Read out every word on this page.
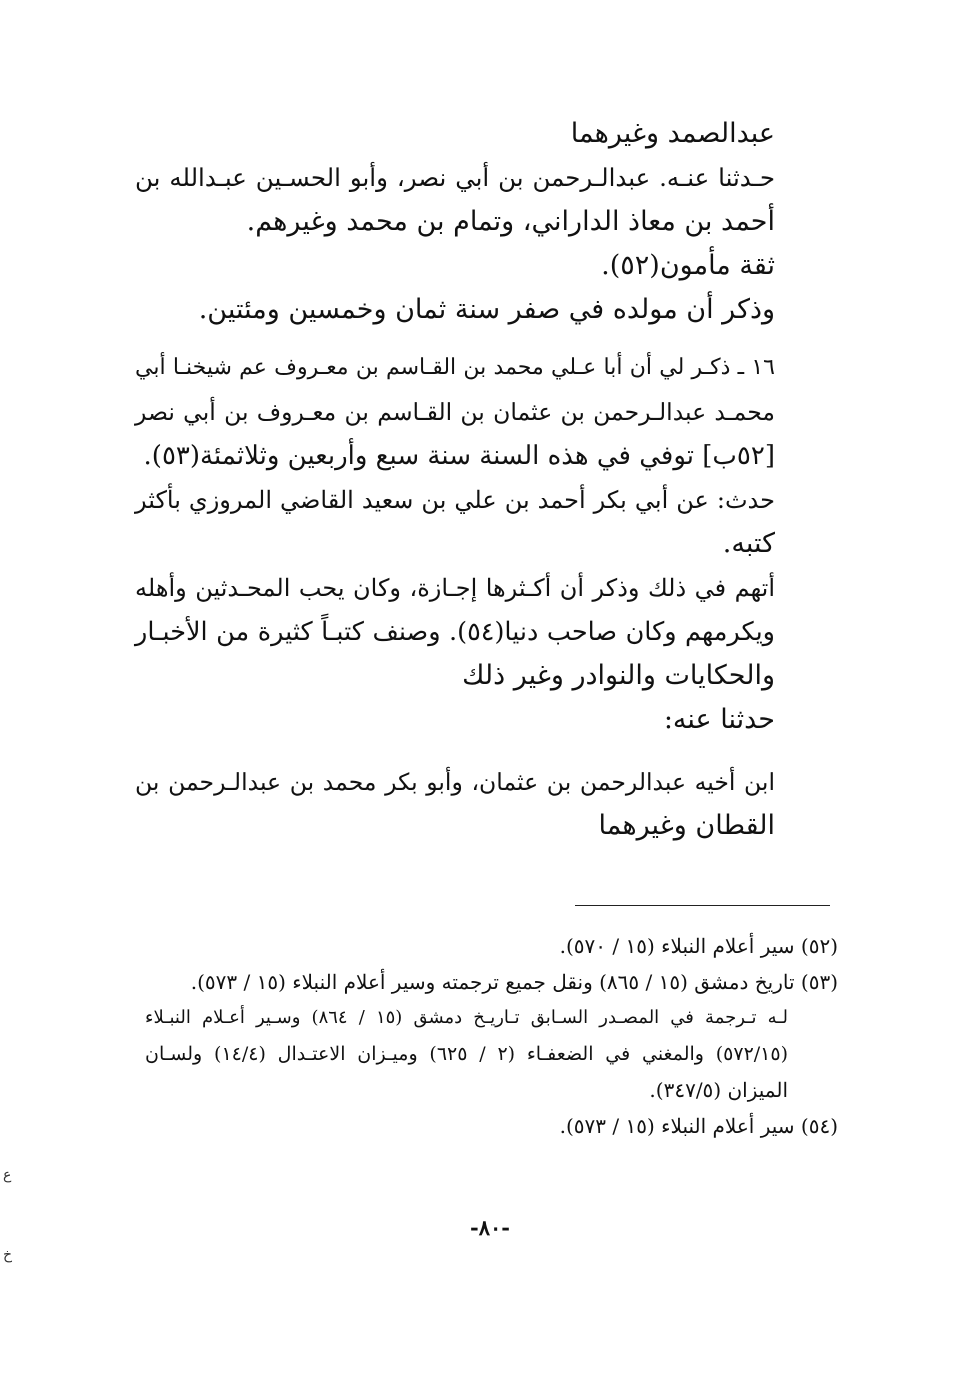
عبدالصمد وغيرهما
حـدثنا عنـه. عبدالـرحمن بن أبي نصر، وأبو الحسـين عبـدالله بن
أحمد بن معاذ الداراني، وتمام بن محمد وغيرهم.
ثقة مأمون(٥٢).
وذكر أن مولده في صفر سنة ثمان وخمسين ومئتين.
١٦ ـ ذكـر لي أن أبا عـلي محمد بن القـاسم بن معـروف عم شيخنـا أبي
محمـد عبدالـرحمن بن عثمان بن القـاسم بن معـروف بن أبي نصر
[٥٢ب] توفي في هذه السنة سنة سبع وأربعين وثلاثمئة(٥٣).
حدث: عن أبي بكر أحمد بن علي بن سعيد القاضي المروزي بأكثر
كتبه.
أتهم في ذلك وذكر أن أكـثرها إجـازة، وكان يحب المحـدثين وأهله
ويكرمهم وكان صاحب دنيا(٥٤). وصنف كتبـاً كثيرة من الأخبـار
والحكايات والنوادر وغير ذلك
حدثنا عنه:
ابن أخيه عبدالرحمن بن عثمان، وأبو بكر محمد بن عبدالـرحمن بن
القطان وغيرهما
(٥٢) سير أعلام النبلاء (١٥ / ٥٧٠).
(٥٣) تاريخ دمشق (١٥ / ٨٦٥) ونقل جميع ترجمته وسير أعلام النبلاء (١٥ / ٥٧٣).
لـه تـرجمة في المصـدر السـابق تـاريـخ دمشق (١٥ / ٨٦٤) وسـير أعـلام النبـلاء
(٥٧٢/١٥) والمغني في الضعفـاء (٢ / ٦٢٥) وميـزان الاعتـدال (١٤/٤) ولسـان
الميزان (٣٤٧/٥).
(٥٤) سير أعلام النبلاء (١٥ / ٥٧٣).
-٨٠-
ع
خ
